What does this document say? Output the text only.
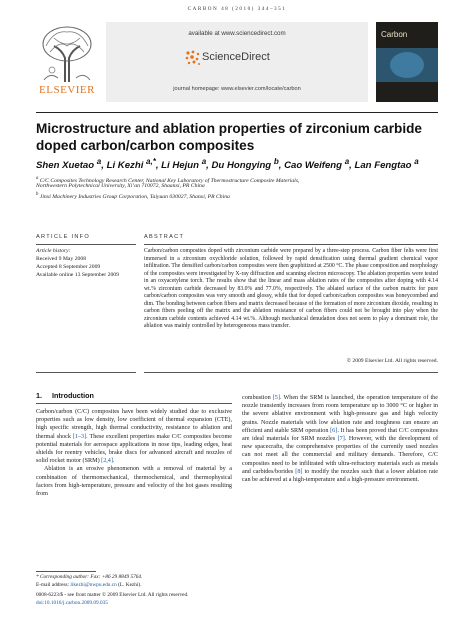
CARBON 48 (2010) 344–351
ELSEVIER
available at www.sciencedirect.com
ScienceDirect
journal homepage: www.elsevier.com/locate/carbon
Carbon
Microstructure and ablation properties of zirconium carbide doped carbon/carbon composites
Shen Xuetao $^a$, Li Kezhi $^{a,*}$, Li Hejun $^a$, Du Hongying $^b$, Cao Weifeng $^a$, Lan Fengtao $^a$
$^a$ C/C Composites Technology Research Center, National Key Laboratory of Thermostructure Composite Materials,
Northwestern Polytechnical University, Xi’an 710072, Shaanxi, PR China
$^b$ Jinxi Machinery Industries Group Corporation, Taiyuan 030027, Shanxi, PR China
ARTICLE INFO
Article history:
Received 9 May 2008
Accepted 8 September 2009
Available online 13 September 2009
ABSTRACT
Carbon/carbon composites doped with zirconium carbide were prepared by a three-step process. Carbon fiber felts were first immersed in a zirconium oxychloride solution, followed by rapid densification using thermal gradient chemical vapor infiltration. The densified carbon/carbon composites were then graphitized at 2500 °C. The phase composition and morphology of the composites were investigated by X-ray diffraction and scanning electron microscopy. The ablation properties were tested in an oxyacetylene torch. The results show that the linear and mass ablation rates of the composites after doping with 4.14 wt.% zirconium carbide decreased by 83.0% and 77.0%, respectively. The ablated surface of the carbon matrix for pure carbon/carbon composites was very smooth and glossy, while that for doped carbon/carbon composites was honeycombed and dim. The bonding between carbon fibers and matrix decreased because of the formation of more zirconium dioxide, resulting in carbon fibers peeling off the matrix and the ablation resistance of carbon fibers could not be brought into play when the zirconium carbide contents achieved 4.14 wt.%. Although mechanical denudation does not seem to play a dominant role, the ablation was mainly controlled by heterogeneous mass transfer.
© 2009 Elsevier Ltd. All rights reserved.
1. Introduction

Carbon/carbon (C/C) composites have been widely studied due to exclusive properties such as low density, low coefficient of thermal expansion (CTE), high specific strength, high thermal conductivity, resistance to ablation and thermal shock [1–3]. These excellent properties make C/C composites become potential materials for aerospace applications in nose tips, leading edges, heat shields for reentry vehicles, brake discs for advanced aircraft and nozzles of solid rocket motor (SRM) [2,4].

Ablation is an erosive phenomenon with a removal of material by a combination of thermomechanical, thermochemical, and thermophysical factors from high-temperature, pressure and velocity of the hot gases resulting from

combustion [5]. When the SRM is launched, the operation temperature of the nozzle transiently increases from room temperature up to 3000 °C or higher in the severe ablative environment with high-pressure gas and high velocity grains. Nozzle materials with low ablation rate and toughness can ensure an efficient and stable SRM operation [6]. It has been proved that C/C composites are ideal materials for SRM nozzles [7]. However, with the development of new spacecrafts, the comprehensive properties of the currently used nozzles can not meet all the commercial and military demands. Therefore, C/C composites need to be infiltrated with ultra-refractory materials such as metals and carbides/borides [8] to modify the nozzles such that a lower ablation rate can be achieved at a high-temperature and a high-pressure environment.

* Corresponding author: Fax: +86 29 8849 5764.
E-mail address: likezhi@nwpu.edu.cn (L. Kezhi).
0008-6223/$ - see front matter © 2009 Elsevier Ltd. All rights reserved.
doi:10.1016/j.carbon.2009.09.035
